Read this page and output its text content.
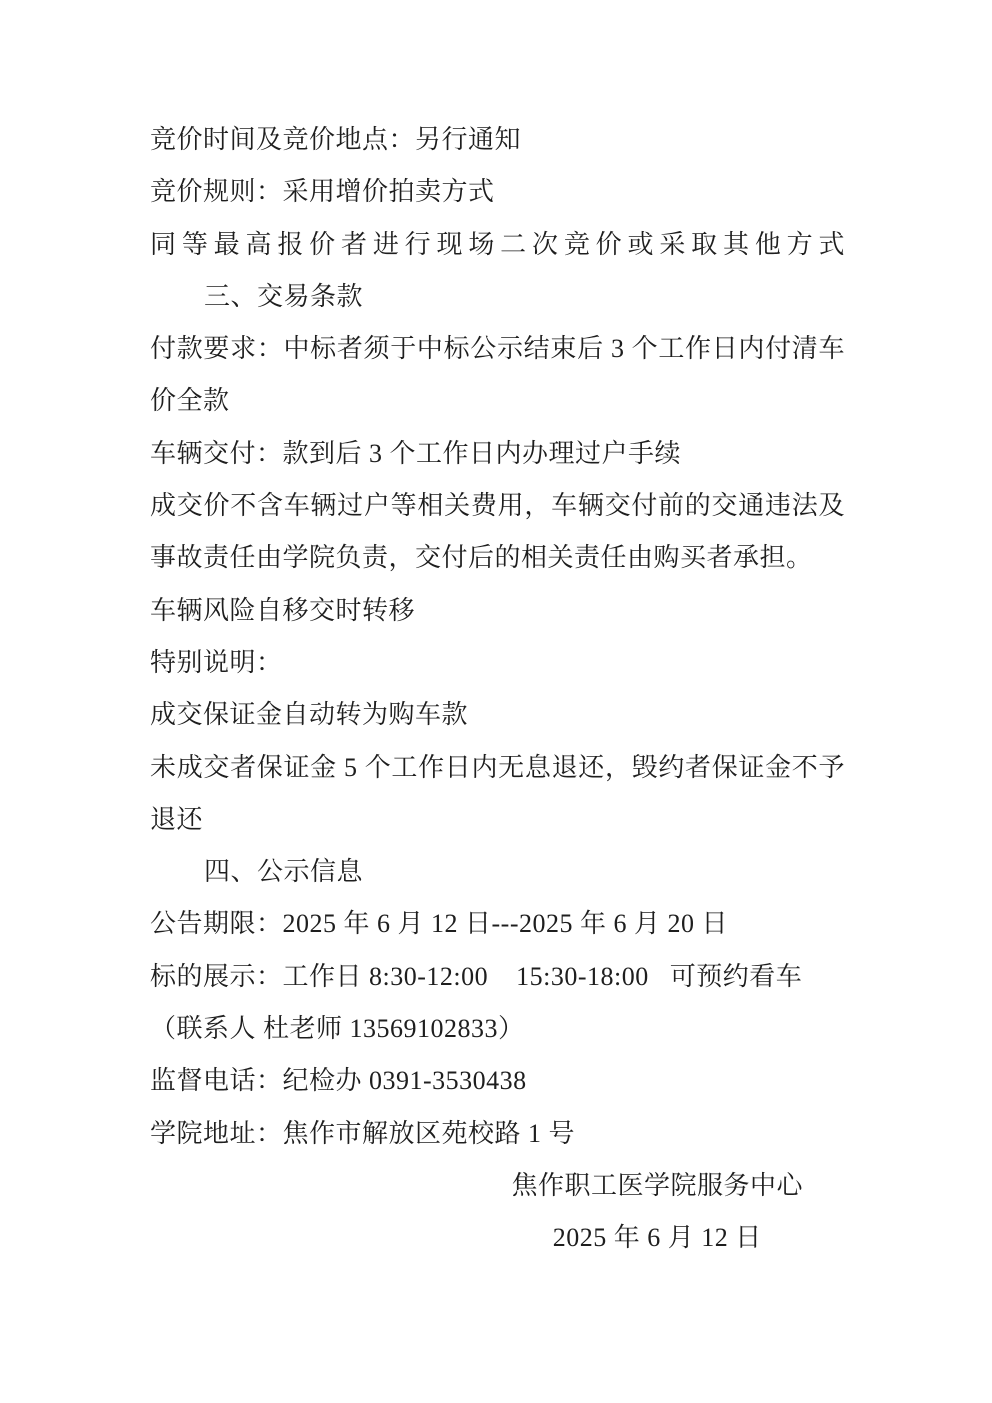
竞价时间及竞价地点：另行通知
竞价规则：采用增价拍卖方式
同等最高报价者进行现场二次竞价或采取其他方式
三、交易条款
付款要求：中标者须于中标公示结束后 3 个工作日内付清车
价全款
车辆交付：款到后 3 个工作日内办理过户手续
成交价不含车辆过户等相关费用，车辆交付前的交通违法及
事故责任由学院负责，交付后的相关责任由购买者承担。
车辆风险自移交时转移
特别说明：
成交保证金自动转为购车款
未成交者保证金 5 个工作日内无息退还，毁约者保证金不予
退还
四、公示信息
公告期限：2025 年 6 月 12 日---2025 年 6 月 20 日
标的展示：工作日 8:30-12:00    15:30-18:00   可预约看车
（联系人 杜老师 13569102833）
监督电话：纪检办 0391-3530438
学院地址：焦作市解放区苑校路 1 号
焦作职工医学院服务中心
2025 年 6 月 12 日
